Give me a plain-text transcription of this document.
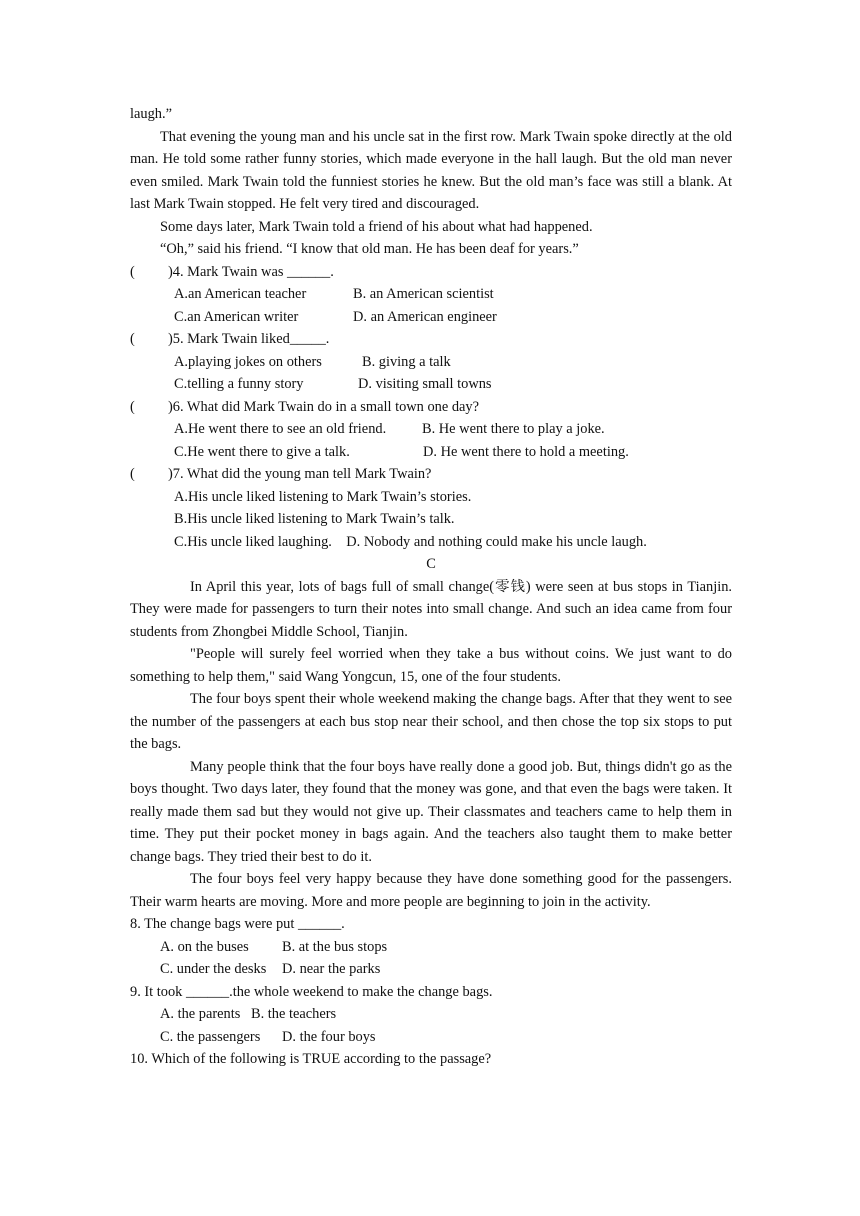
laugh.”
That evening the young man and his uncle sat in the first row. Mark Twain spoke directly at the old man. He told some rather funny stories, which made everyone in the hall laugh. But the old man never even smiled. Mark Twain told the funniest stories he knew. But the old man’s face was still a blank. At last Mark Twain stopped. He felt very tired and discouraged.
Some days later, Mark Twain told a friend of his about what had happened.
“Oh,” said his friend. “I know that old man. He has been deaf for years.”
(	)4. Mark Twain was ______.
A.an American teacher	B. an American scientist
C.an American writer	D. an American engineer
(	)5. Mark Twain liked_____.
A.playing jokes on others	B. giving a talk
C.telling a funny story	D. visiting small towns
(	)6. What did Mark Twain do in a small town one day?
A.He went there to see an old friend.	B. He went there to play a joke.
C.He went there to give a talk.	D. He went there to hold a meeting.
(	)7. What did the young man tell Mark Twain?
A.His uncle liked listening to Mark Twain’s stories.
B.His uncle liked listening to Mark Twain’s talk.
C.His uncle liked laughing.    D. Nobody and nothing could make his uncle laugh.
C
In April this year, lots of bags full of small change(零钱) were seen at bus stops in Tianjin. They were made for passengers to turn their notes into small change. And such an idea came from four students from Zhongbei Middle School, Tianjin.
"People will surely feel worried when they take a bus without coins. We just want to do something to help them," said Wang Yongcun, 15, one of the four students.
The four boys spent their whole weekend making the change bags. After that they went to see the number of the passengers at each bus stop near their school, and then chose the top six stops to put the bags.
Many people think that the four boys have really done a good job. But, things didn't go as the boys thought. Two days later, they found that the money was gone, and that even the bags were taken. It really made them sad but they would not give up. Their classmates and teachers came to help them in time. They put their pocket money in bags again. And the teachers also taught them to make better change bags. They tried their best to do it.
The four boys feel very happy because they have done something good for the passengers. Their warm hearts are moving. More and more people are beginning to join in the activity.
8. The change bags were put ______.
A. on the buses	B. at the bus stops
C. under the desks	D. near the parks
9. It took ______.the whole weekend to make the change bags.
A. the parents B. the teachers
C. the passengers	D. the four boys
10. Which of the following is TRUE according to the passage?
